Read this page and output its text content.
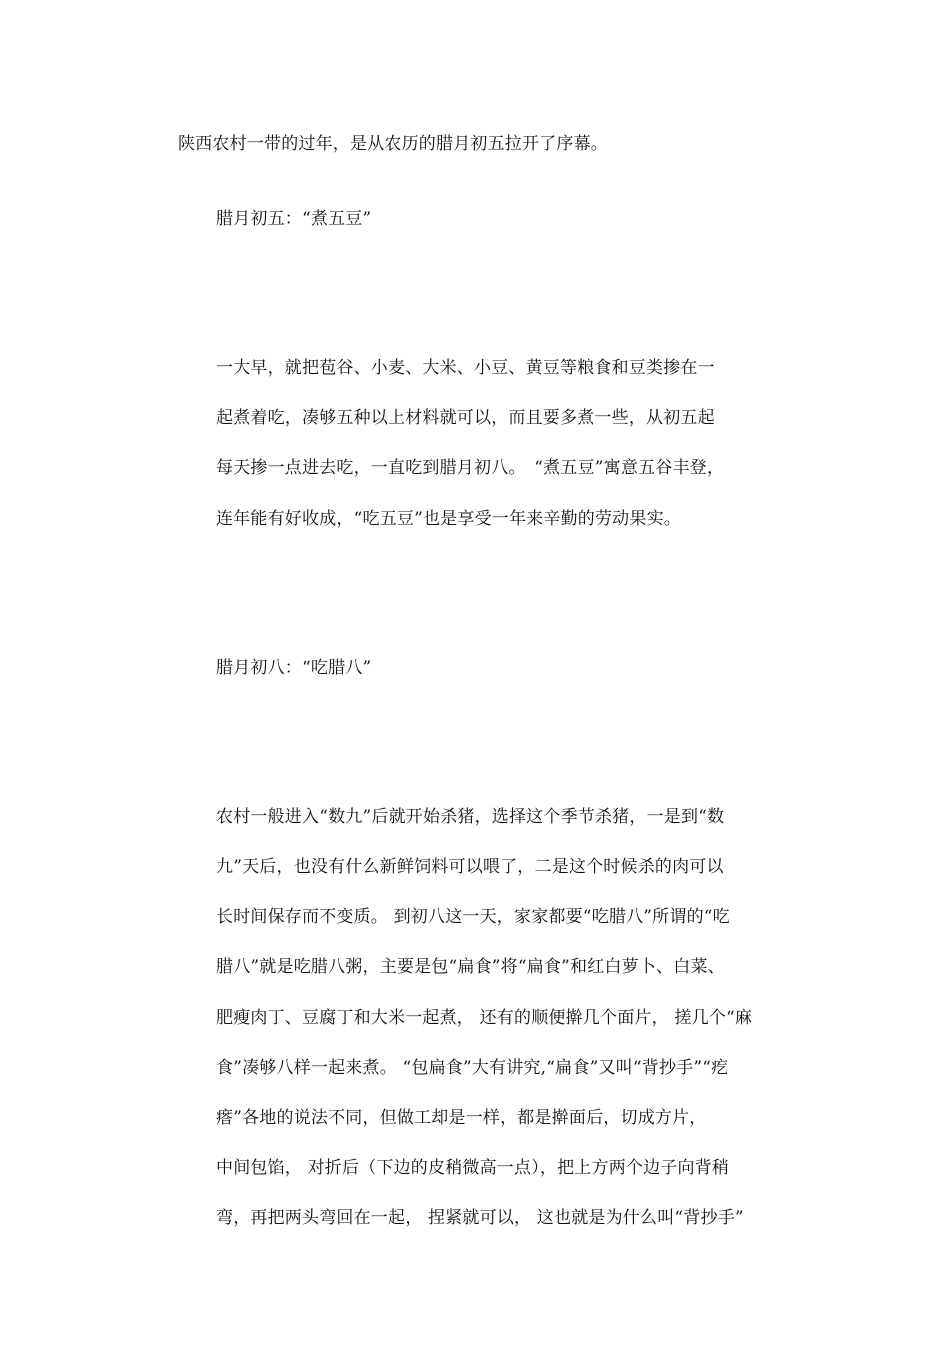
陕西农村一带的过年，是从农历的腊月初五拉开了序幕。
腊月初五：“煮五豆”
一大早，就把苞谷、小麦、大米、小豆、黄豆等粮食和豆类掺在一
起煮着吃，凑够五种以上材料就可以，而且要多煮一些，从初五起
每天掺一点进去吃，一直吃到腊月初八。　“煮五豆”寓意五谷丰登，
连年能有好收成，“吃五豆”也是享受一年来辛勤的劳动果实。
腊月初八：“吃腊八”
农村一般进入“数九”后就开始杀猪，选择这个季节杀猪，一是到“数
九”天后，也没有什么新鲜饲料可以喂了，二是这个时候杀的肉可以
长时间保存而不变质。 到初八这一天，家家都要“吃腊八”所谓的“吃
腊八”就是吃腊八粥，主要是包“扁食”将“扁食”和红白萝卜、白菜、
肥瘦肉丁、豆腐丁和大米一起煮， 还有的顺便擀几个面片， 搓几个“麻
食”凑够八样一起来煮。 “包扁食”大有讲究,“扁食”又叫“背抄手”“疙
瘩”各地的说法不同，但做工却是一样，都是擀面后，切成方片，
中间包馅， 对折后（下边的皮稍微高一点），把上方两个边子向背稍
弯，再把两头弯回在一起， 捏紧就可以， 这也就是为什么叫“背抄手”
